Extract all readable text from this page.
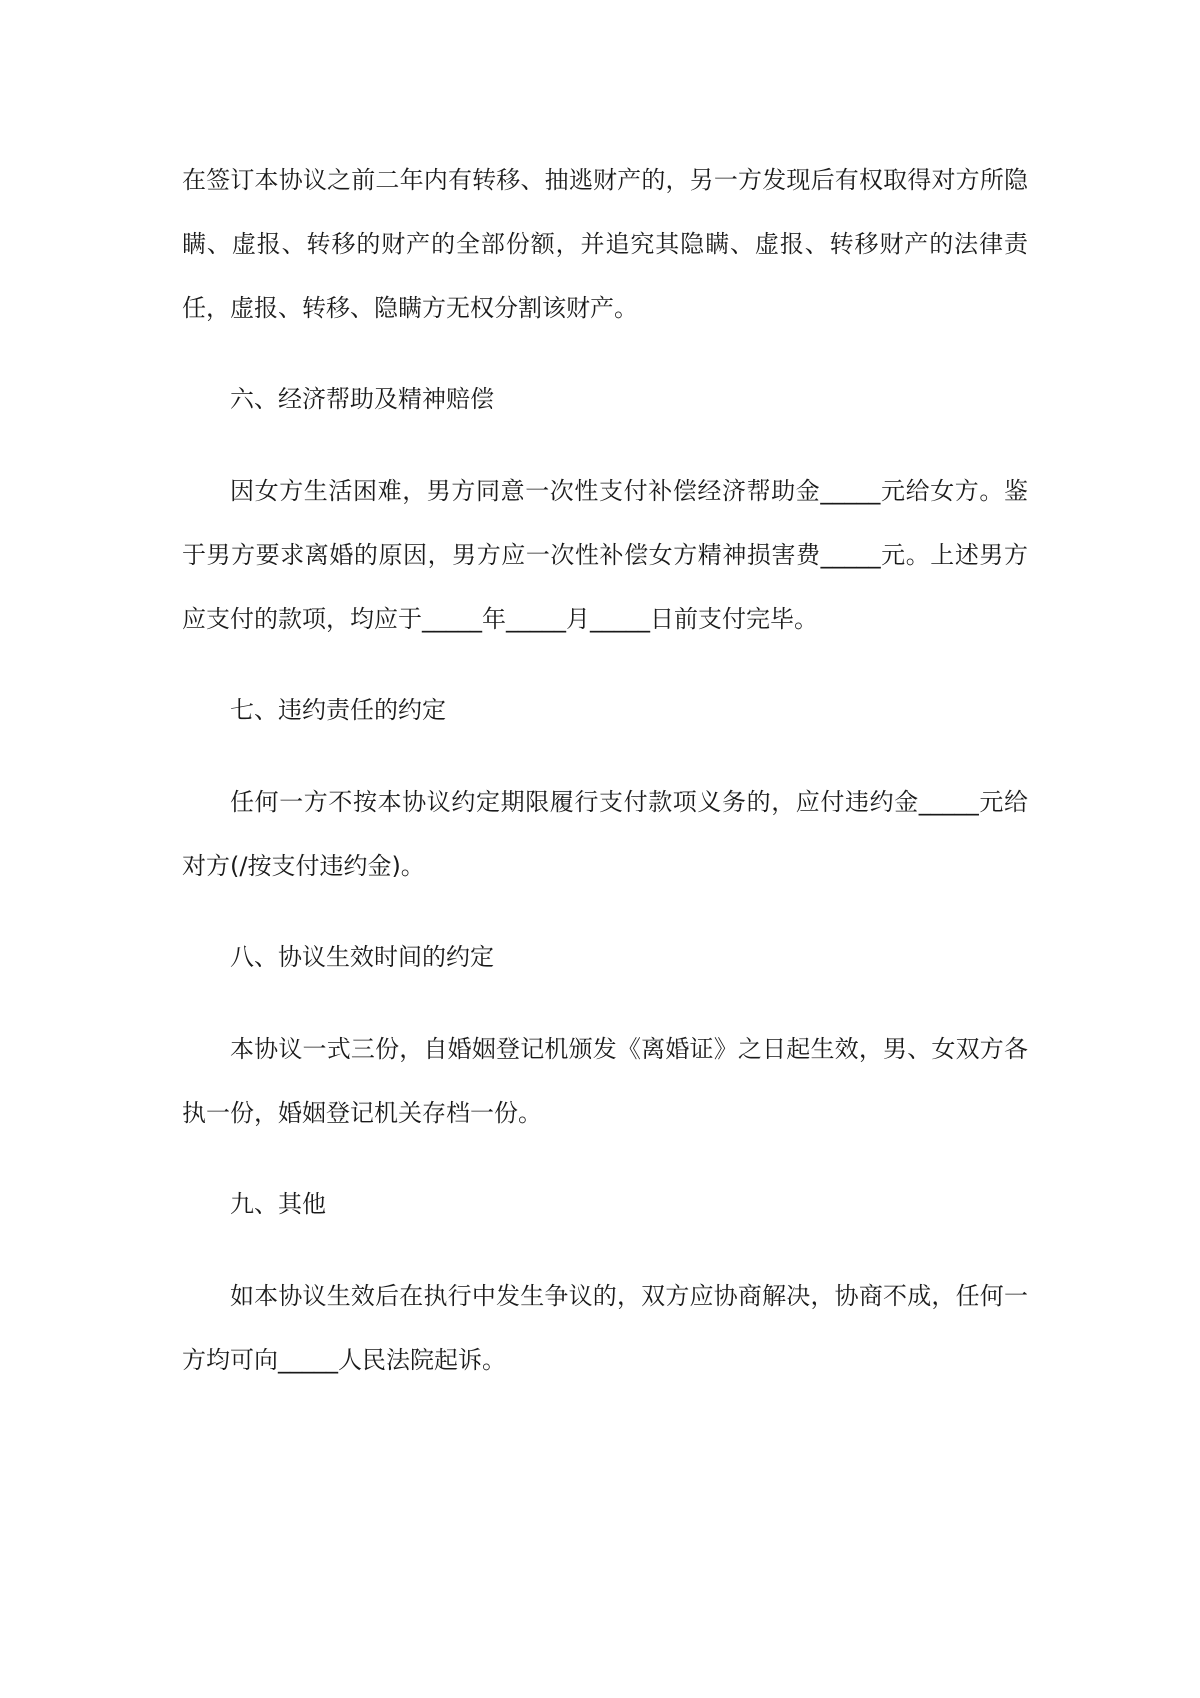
在签订本协议之前二年内有转移、抽逃财产的，另一方发现后有权取得对方所隐瞒、虚报、转移的财产的全部份额，并追究其隐瞒、虚报、转移财产的法律责任，虚报、转移、隐瞒方无权分割该财产。

六、经济帮助及精神赔偿

因女方生活困难，男方同意一次性支付补偿经济帮助金_____元给女方。鉴于男方要求离婚的原因，男方应一次性补偿女方精神损害费_____元。上述男方应支付的款项，均应于_____年_____月_____日前支付完毕。

七、违约责任的约定

任何一方不按本协议约定期限履行支付款项义务的，应付违约金_____元给对方(/按支付违约金)。

八、协议生效时间的约定

本协议一式三份，自婚姻登记机颁发《离婚证》之日起生效，男、女双方各执一份，婚姻登记机关存档一份。

九、其他

如本协议生效后在执行中发生争议的，双方应协商解决，协商不成，任何一方均可向_____人民法院起诉。
